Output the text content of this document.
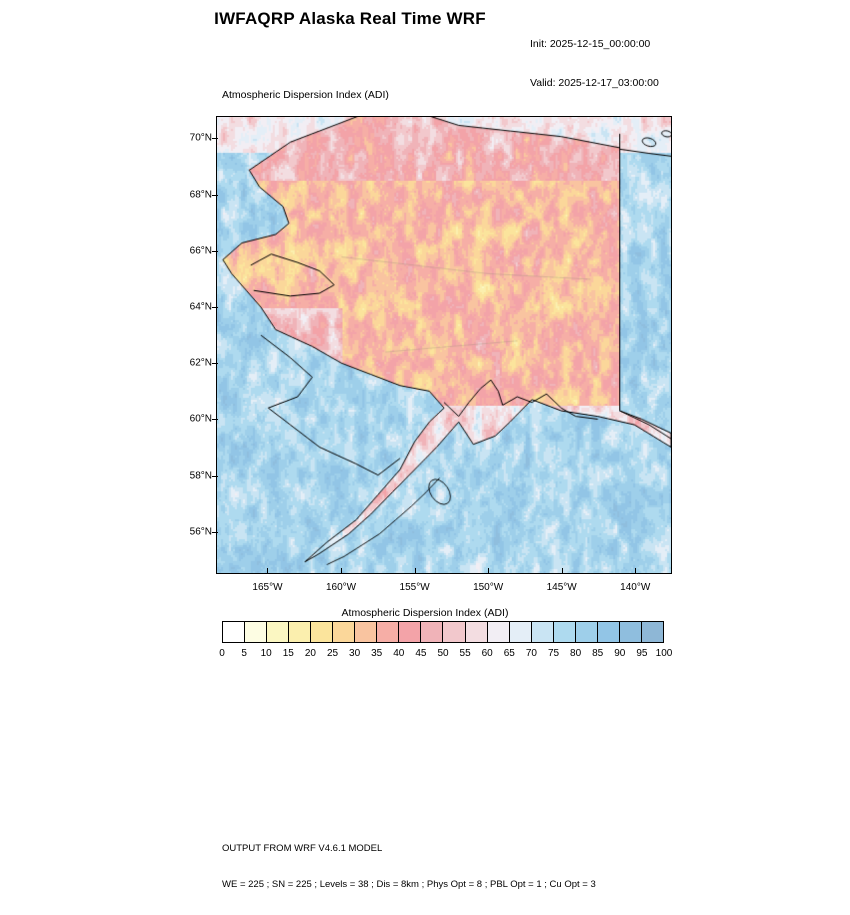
IWFAQRP Alaska Real Time WRF

Init: 2025-12-15_00:00:00

Valid: 2025-12-17_03:00:00

Atmospheric Dispersion Index (ADI)
70°N
68°N
66°N
64°N
62°N
60°N
58°N
56°N
165°W	160°W	155°W	150°W	145°W	140°W
Atmospheric Dispersion Index (ADI)
0 5 10 15 20 25 30 35 40 45 50 55 60 65 70 75 80 85 90 95 100

OUTPUT FROM WRF V4.6.1 MODEL

WE = 225 ; SN = 225 ; Levels = 38 ; Dis = 8km ; Phys Opt = 8 ; PBL Opt = 1 ; Cu Opt = 3
